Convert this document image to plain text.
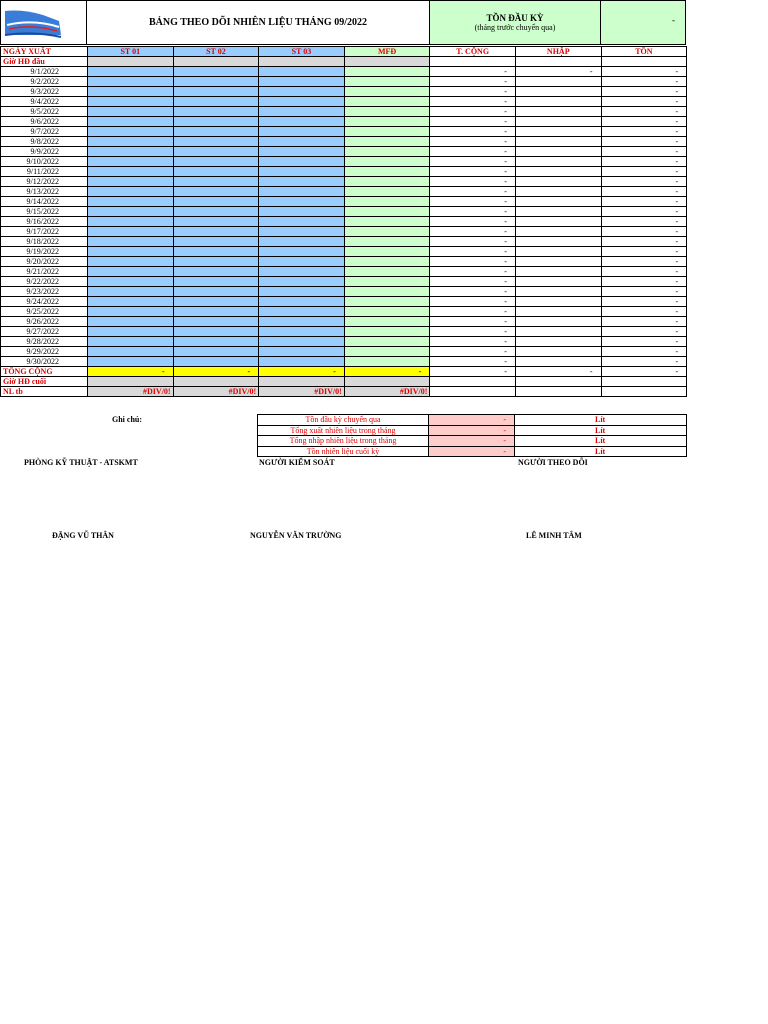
BẢNG THEO DÕI NHIÊN LIỆU THÁNG 09/2022	TỒN ĐẦU KỲ
(tháng trước chuyển qua)
-
NGÀY XUẤT	ST 01	ST 02	ST 03	MFĐ	T. CỘNG	NHẬP	TỒN
Giờ HĐ đầu							
9/1/2022					-	-	-
9/2/2022					-		-
9/3/2022					-		-
9/4/2022					-		-
9/5/2022					-		-
9/6/2022					-		-
9/7/2022					-		-
9/8/2022					-		-
9/9/2022					-		-
9/10/2022					-		-
9/11/2022					-		-
9/12/2022					-		-
9/13/2022					-		-
9/14/2022					-		-
9/15/2022					-		-
9/16/2022					-		-
9/17/2022					-		-
9/18/2022					-		-
9/19/2022					-		-
9/20/2022					-		-
9/21/2022					-		-
9/22/2022					-		-
9/23/2022					-		-
9/24/2022					-		-
9/25/2022					-		-
9/26/2022					-		-
9/27/2022					-		-
9/28/2022					-		-
9/29/2022					-		-
9/30/2022					-		-
TỔNG CỘNG	-	-	-	-	-	-	-
Giờ HĐ cuối							
NL tb	#DIV/0!	#DIV/0!	#DIV/0!	#DIV/0!			
Ghi chú:	Tồn đầu kỳ chuyển qua	-	Lít
Tổng xuất nhiên liệu trong tháng	-	Lít
Tổng nhập nhiên liệu trong tháng	-	Lít
Tồn nhiên liệu cuối kỳ	-	Lít
PHÒNG KỸ THUẬT - ATSKMT	NGƯỜI KIỂM SOÁT	NGƯỜI THEO DÕI
ĐẶNG VŨ THÂN	NGUYỄN VĂN TRƯỜNG	LÊ MINH TÂM
